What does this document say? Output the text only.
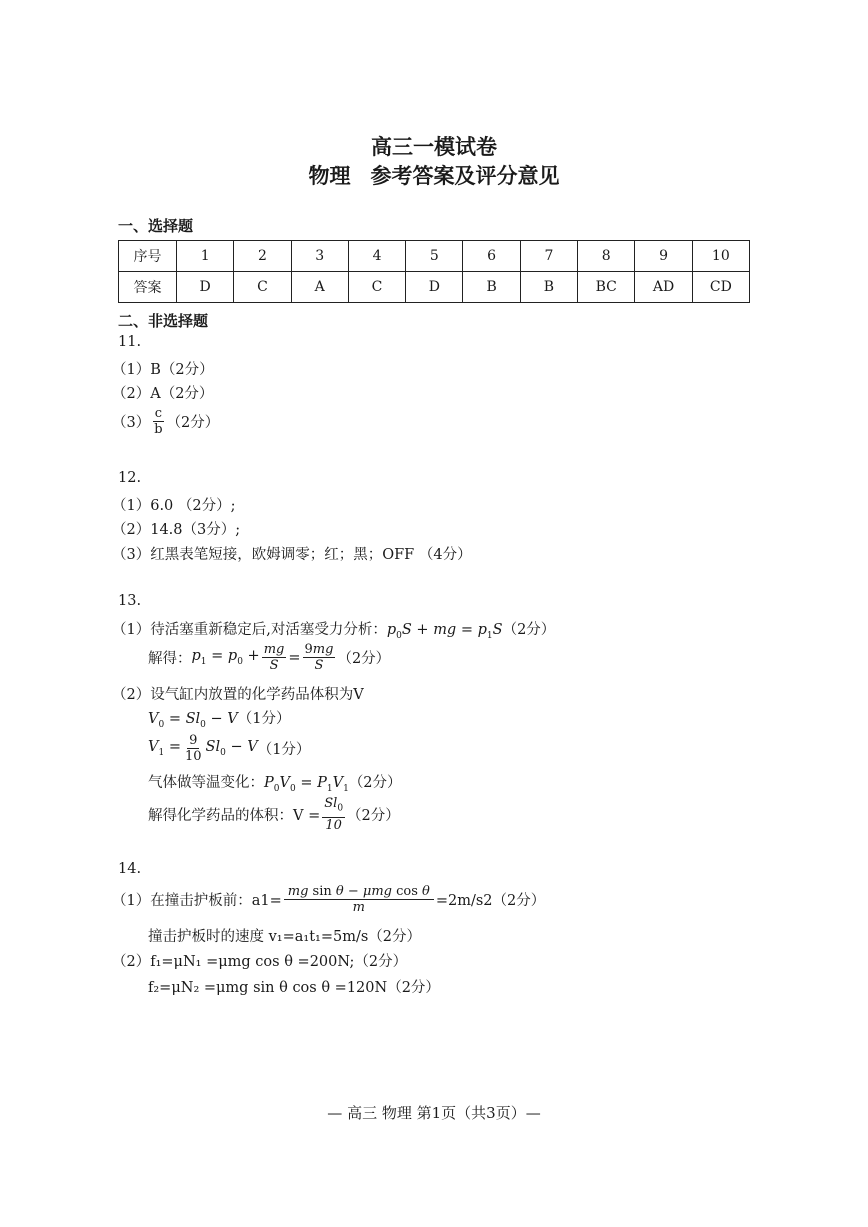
高三一模试卷
物理 参考答案及评分意见
一、选择题
序号	1	2	3	4	5	6	7	8	9	10
答案	D	C	A	C	D	B	B	BC	AD	CD
二、非选择题
11.
（1）B（2分）
（2）A（2分）
$(3) \frac{c}{b} (2$分）
12.
（1）6.0 （2分）;
（2）14.8（3分）;
（3）红黑表笔短接，欧姆调零；红；黑；OFF （4分）
13.
（1）待活塞重新稳定后,对活塞受力分析：$p_0S$ + mg = $p_1S(2$分）
解得： $p_1 = p_0 + \frac{mg}{S} = \frac{9mg}{S} (2$分）
（2）设气缸内放置的化学药品体积为V
$V_0 = Sl_0 - V(1$分）
$V_1 = \frac{9}{10} Sl_0 - V$ （1分）
气体做等温变化：$P_0V_0 = P_1V_1(2$分）
解得化学药品的体积：$V = \frac{Sl_0}{10} (2$分）
14.
（1）在撞击护板前：$a1= \frac{\text{mg sin θ − μmg cos θ}}{m} =2m/s2(2$分）
撞击护板时的速度 v₁=a₁t₁=5m/s（2分）
（2）f₁=μN₁ =μmg cos θ =200N;（2分）
f₂=μN₂ =μmg sin θ cos θ =120N（2分）
— 高三 物理 第1页（共3页）—
